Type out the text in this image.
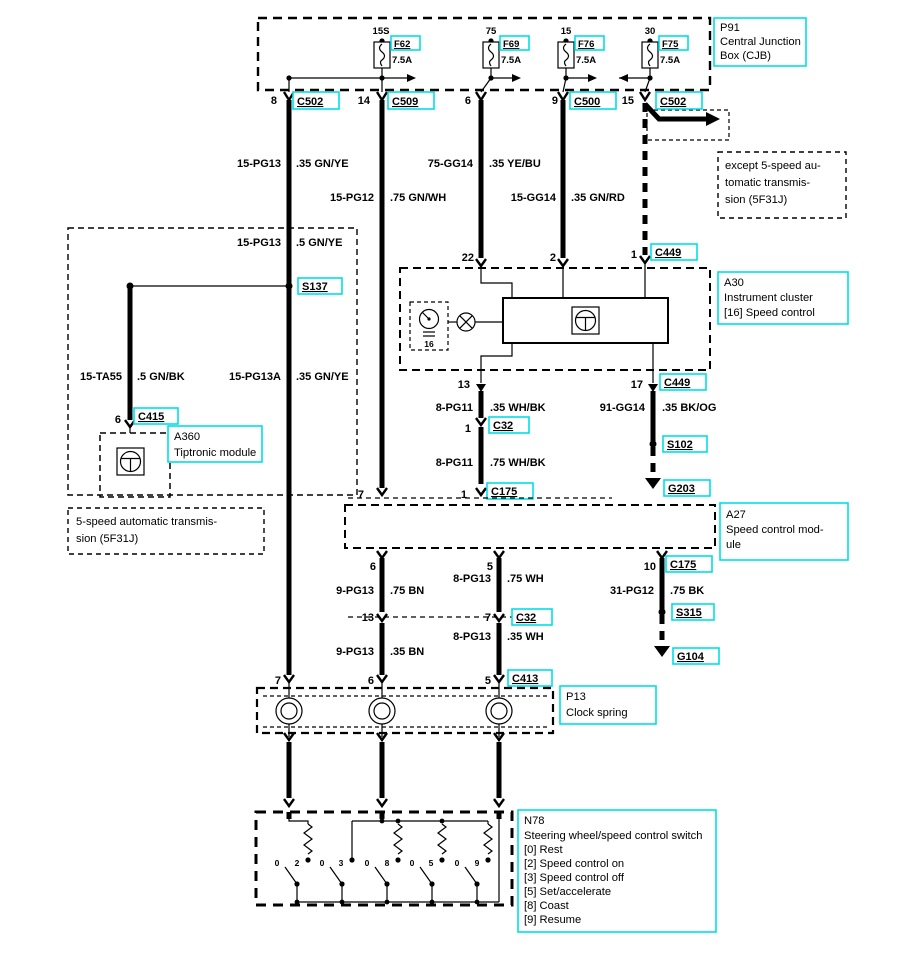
15S	75	15	30
8 C502	14 C509	6	9 C500 15 C502
F62
7.5A
F69
7.5A
F76
7.5A
F75
7.5A
P91
Central Junction
Box (CJB)
except 5-speed au-
tomatic transmis-
sion (5F31J)
15-PG13 .35 GN/YE	75-GG14 .35 YE/BU
15-PG12 .75 GN/WH	15-GG14 .35 GN/RD
15-PG13 .5 GN/YE
S137
15-TA55 .5 GN/BK	15-PG13A .35 GN/YE
6 C415
A360
Tiptronic module
5-speed automatic transmis-
sion (5F31J)
22	2	1 C449
16
A30
Instrument cluster
[16] Speed control
13	17 C449
8-PG11 .35 WH/BK
1 C32
8-PG11 .75 WH/BK
1 C175
91-GG14 .35 BK/OG
S102
G203
7
6	5	10 C175
A27
Speed control mod-
ule
9-PG13 .75 BN
8-PG13 .75 WH
31-PG12 .75 BK
S315
G104
13	7 C32
9-PG13 .35 BN
8-PG13 .35 WH
7	6	5 C413
P13
Clock spring
0 2 0 3	0 8 0 5	0 9
N78
Steering wheel/speed control switch
[0] Rest
[2] Speed control on
[3] Speed control off
[5] Set/accelerate
[8] Coast
[9] Resume
